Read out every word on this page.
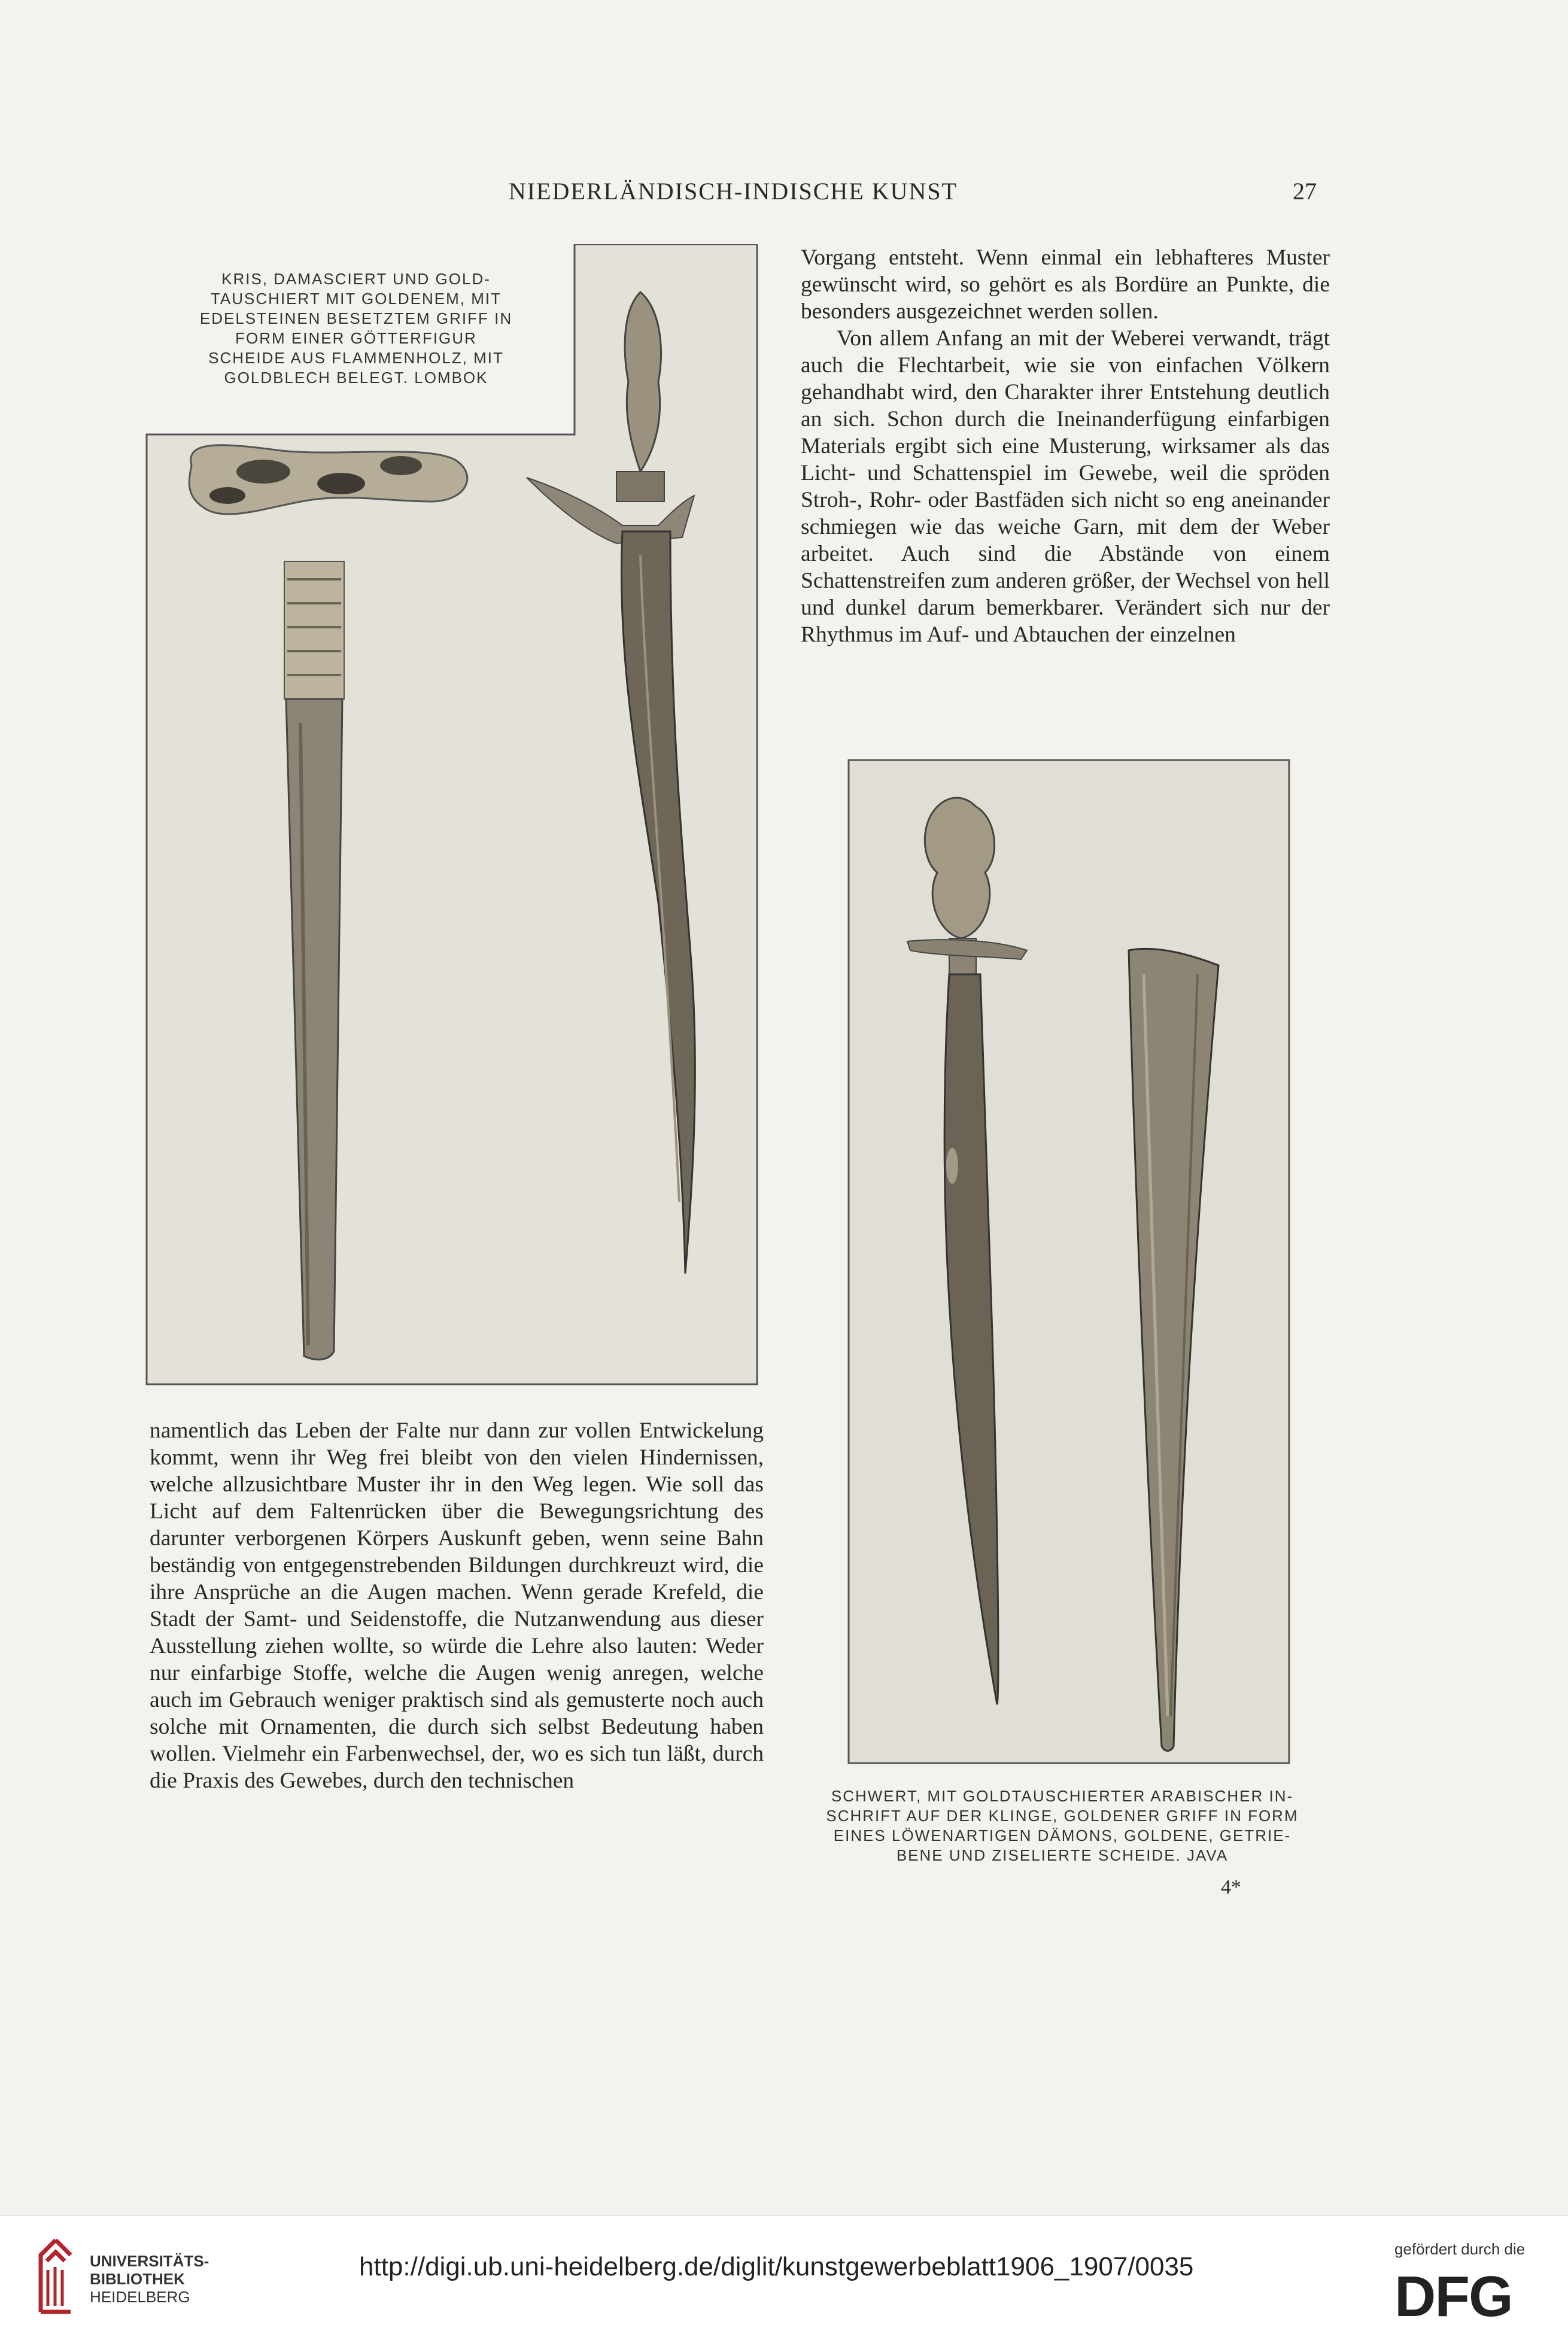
NIEDERLÄNDISCH-INDISCHE KUNST	27
KRIS, DAMASCIERT UND GOLD-
TAUSCHIERT MIT GOLDENEM, MIT
EDELSTEINEN BESETZTEM GRIFF IN
FORM EINER GÖTTERFIGUR
SCHEIDE AUS FLAMMENHOLZ, MIT
GOLDBLECH BELEGT. LOMBOK

Vorgang entsteht. Wenn einmal ein lebhafteres Muster gewünscht wird, so gehört es als Bordüre an Punkte, die besonders ausgezeichnet werden sollen.

Von allem Anfang an mit der Weberei verwandt, trägt auch die Flechtarbeit, wie sie von einfachen Völkern gehandhabt wird, den Charakter ihrer Entstehung deutlich an sich. Schon durch die Ineinanderfügung einfarbigen Materials ergibt sich eine Musterung, wirksamer als das Licht- und Schattenspiel im Gewebe, weil die spröden Stroh-, Rohr- oder Bastfäden sich nicht so eng aneinander schmiegen wie das weiche Garn, mit dem der Weber arbeitet. Auch sind die Abstände von einem Schattenstreifen zum anderen größer, der Wechsel von hell und dunkel darum bemerkbarer. Verändert sich nur der Rhythmus im Auf- und Abtauchen der einzelnen

namentlich das Leben der Falte nur dann zur vollen Entwickelung kommt, wenn ihr Weg frei bleibt von den vielen Hindernissen, welche allzusichtbare Muster ihr in den Weg legen. Wie soll das Licht auf dem Faltenrücken über die Bewegungsrichtung des darunter verborgenen Körpers Auskunft geben, wenn seine Bahn beständig von entgegenstrebenden Bildungen durchkreuzt wird, die ihre Ansprüche an die Augen machen. Wenn gerade Krefeld, die Stadt der Samt- und Seidenstoffe, die Nutzanwendung aus dieser Ausstellung ziehen wollte, so würde die Lehre also lauten: Weder nur einfarbige Stoffe, welche die Augen wenig anregen, welche auch im Gebrauch weniger praktisch sind als gemusterte noch auch solche mit Ornamenten, die durch sich selbst Bedeutung haben wollen. Vielmehr ein Farbenwechsel, der, wo es sich tun läßt, durch die Praxis des Gewebes, durch den technischen

SCHWERT, MIT GOLDTAUSCHIERTER ARABISCHER IN-
SCHRIFT AUF DER KLINGE, GOLDENER GRIFF IN FORM
EINES LÖWENARTIGEN DÄMONS, GOLDENE, GETRIE-
BENE UND ZISELIERTE SCHEIDE. JAVA
4*
UNIVERSITÄTS-
BIBLIOTHEK
HEIDELBERG
http://digi.ub.uni-heidelberg.de/diglit/kunstgewerbeblatt1906_1907/0035
gefördert durch die
DFG
